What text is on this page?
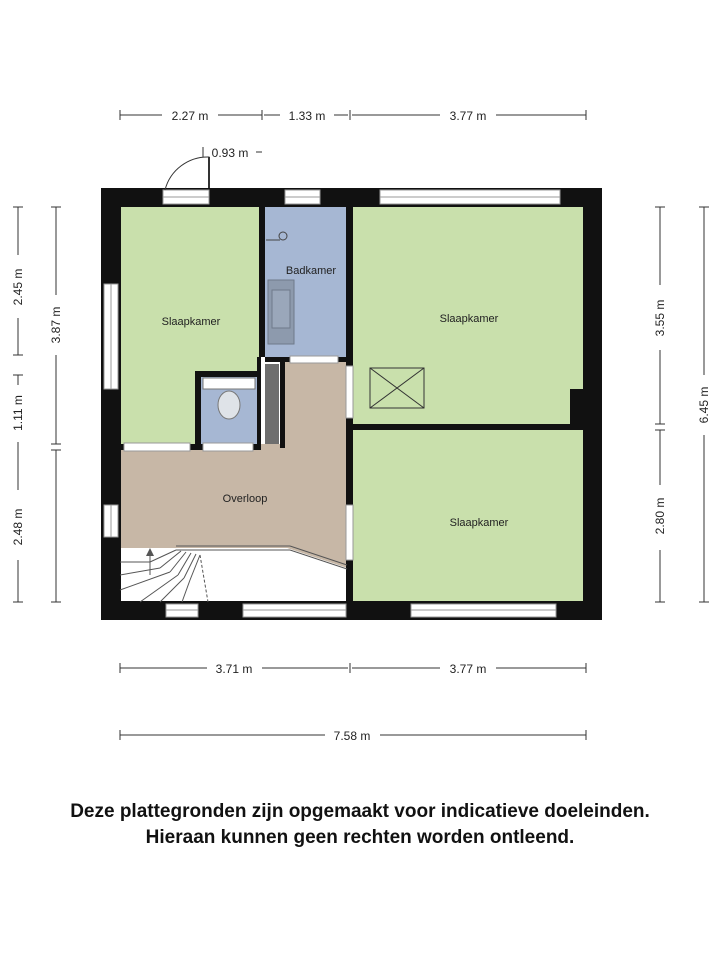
Slaapkamer
Badkamer
Slaapkamer
Overloop
Slaapkamer
2.27 m	1.33 m	3.77 m
0.93 m
3.71 m	3.77 m
7.58 m
2.45 m
1.11 m
2.48 m
3.87 m	3.55 m
2.80 m
6.45 m
Deze plattegronden zijn opgemaakt voor indicatieve doeleinden.
Hieraan kunnen geen rechten worden ontleend.
